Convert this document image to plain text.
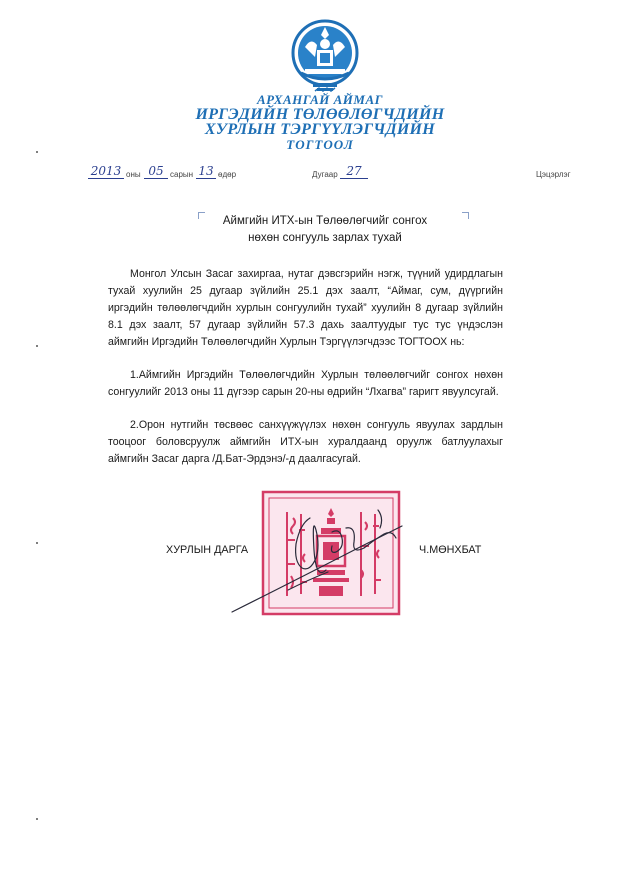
АРХАНГАЙ АЙМАГ
ИРГЭДИЙН ТӨЛӨӨЛӨГЧДИЙН
ХУРЛЫН ТЭРГҮҮЛЭГЧДИЙН
ТОГТООЛ
2013 оны 05 сарын 13 өдөр	Дугаар 27	Цэцэрлэг
Аймгийн ИТХ-ын Төлөөлөгчийг сонгох
нөхөн сонгууль зарлах тухай

Монгол Улсын Засаг захиргаа, нутаг дэвсгэрийн нэгж, түүний удирдлагын тухай хуулийн 25 дугаар зүйлийн 25.1 дэх заалт, “Аймаг, сум, дүүргийн иргэдийн төлөөлөгчдийн хурлын сонгуулийн тухай” хуулийн 8 дугаар зүйлийн 8.1 дэх заалт, 57 дугаар зүйлийн 57.3 дахь заалтуудыг тус тус үндэслэн аймгийн Иргэдийн Төлөөлөгчдийн Хурлын Тэргүүлэгчдээс ТОГТООХ нь:

1.Аймгийн Иргэдийн Төлөөлөгчдийн Хурлын төлөөлөгчийг сонгох нөхөн сонгуулийг 2013 оны 11 дүгээр сарын 20-ны өдрийн “Лхагва” гаригт явуулсугай.

2.Орон нутгийн төсвөөс санхүүжүүлэх нөхөн сонгууль явуулах зардлын тооцоог боловсруулж аймгийн ИТХ-ын хуралдаанд оруулж батлуулахыг аймгийн Засаг дарга /Д.Бат-Эрдэнэ/-д даалгасугай.

ХУРЛЫН ДАРГА	Ч.МӨНХБАТ
